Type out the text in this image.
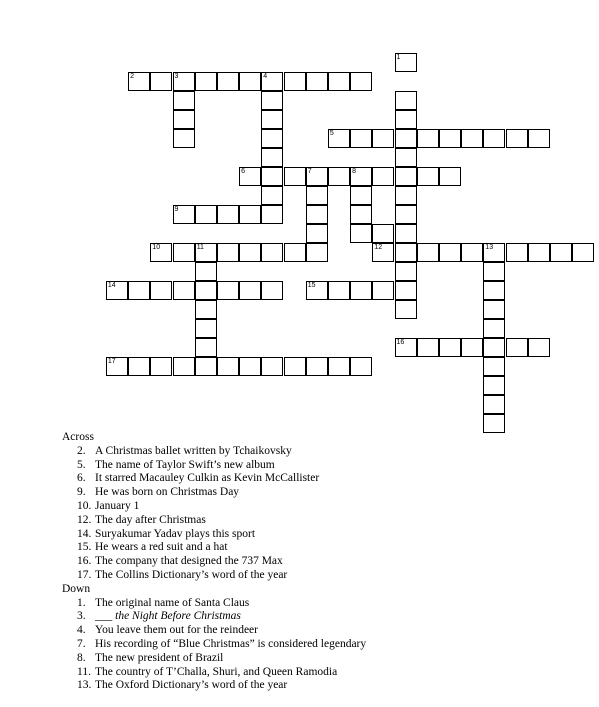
1
2	3	4
5
6	7	8
9
10	11	12	13
14	15
16
17
Across
2. A Christmas ballet written by Tchaikovsky
5. The name of Taylor Swift’s new album
6. It starred Macauley Culkin as Kevin McCallister
9. He was born on Christmas Day
10. January 1
12. The day after Christmas
14. Suryakumar Yadav plays this sport
15. He wears a red suit and a hat
16. The company that designed the 737 Max
17. The Collins Dictionary’s word of the year
Down
1. The original name of Santa Claus
3. ___ the Night Before Christmas
4. You leave them out for the reindeer
7. His recording of “Blue Christmas” is considered legendary
8. The new president of Brazil
11. The country of T’Challa, Shuri, and Queen Ramodia
13. The Oxford Dictionary’s word of the year
